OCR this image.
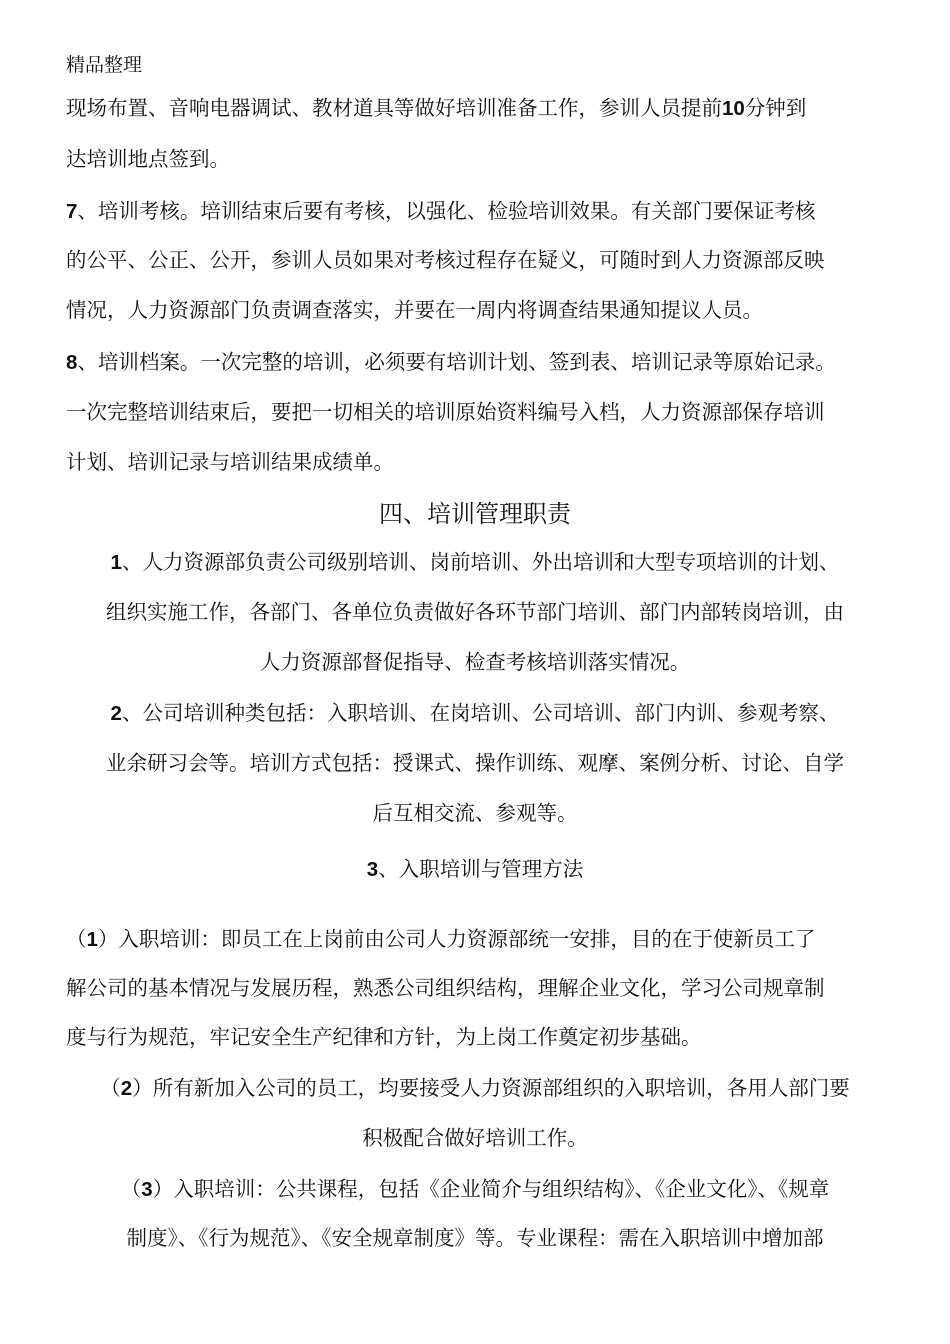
精品整理
现场布置、音响电器调试、教材道具等做好培训准备工作，参训人员提前10分钟到
达培训地点签到。
7、培训考核。培训结束后要有考核，以强化、检验培训效果。有关部门要保证考核
的公平、公正、公开，参训人员如果对考核过程存在疑义，可随时到人力资源部反映
情况，人力资源部门负责调查落实，并要在一周内将调查结果通知提议人员。
8、培训档案。一次完整的培训，必须要有培训计划、签到表、培训记录等原始记录。
一次完整培训结束后，要把一切相关的培训原始资料编号入档，人力资源部保存培训
计划、培训记录与培训结果成绩单。
四、培训管理职责
1、人力资源部负责公司级别培训、岗前培训、外出培训和大型专项培训的计划、
组织实施工作，各部门、各单位负责做好各环节部门培训、部门内部转岗培训，由
人力资源部督促指导、检查考核培训落实情况。
2、公司培训种类包括：入职培训、在岗培训、公司培训、部门内训、参观考察、
业余研习会等。培训方式包括：授课式、操作训练、观摩、案例分析、讨论、自学
后互相交流、参观等。
3、入职培训与管理方法
（1）入职培训：即员工在上岗前由公司人力资源部统一安排，目的在于使新员工了
解公司的基本情况与发展历程，熟悉公司组织结构，理解企业文化，学习公司规章制
度与行为规范，牢记安全生产纪律和方针，为上岗工作奠定初步基础。
（2）所有新加入公司的员工，均要接受人力资源部组织的入职培训，各用人部门要
积极配合做好培训工作。
（3）入职培训：公共课程，包括《企业简介与组织结构》、《企业文化》、《规章
制度》、《行为规范》、《安全规章制度》等。专业课程：需在入职培训中增加部
